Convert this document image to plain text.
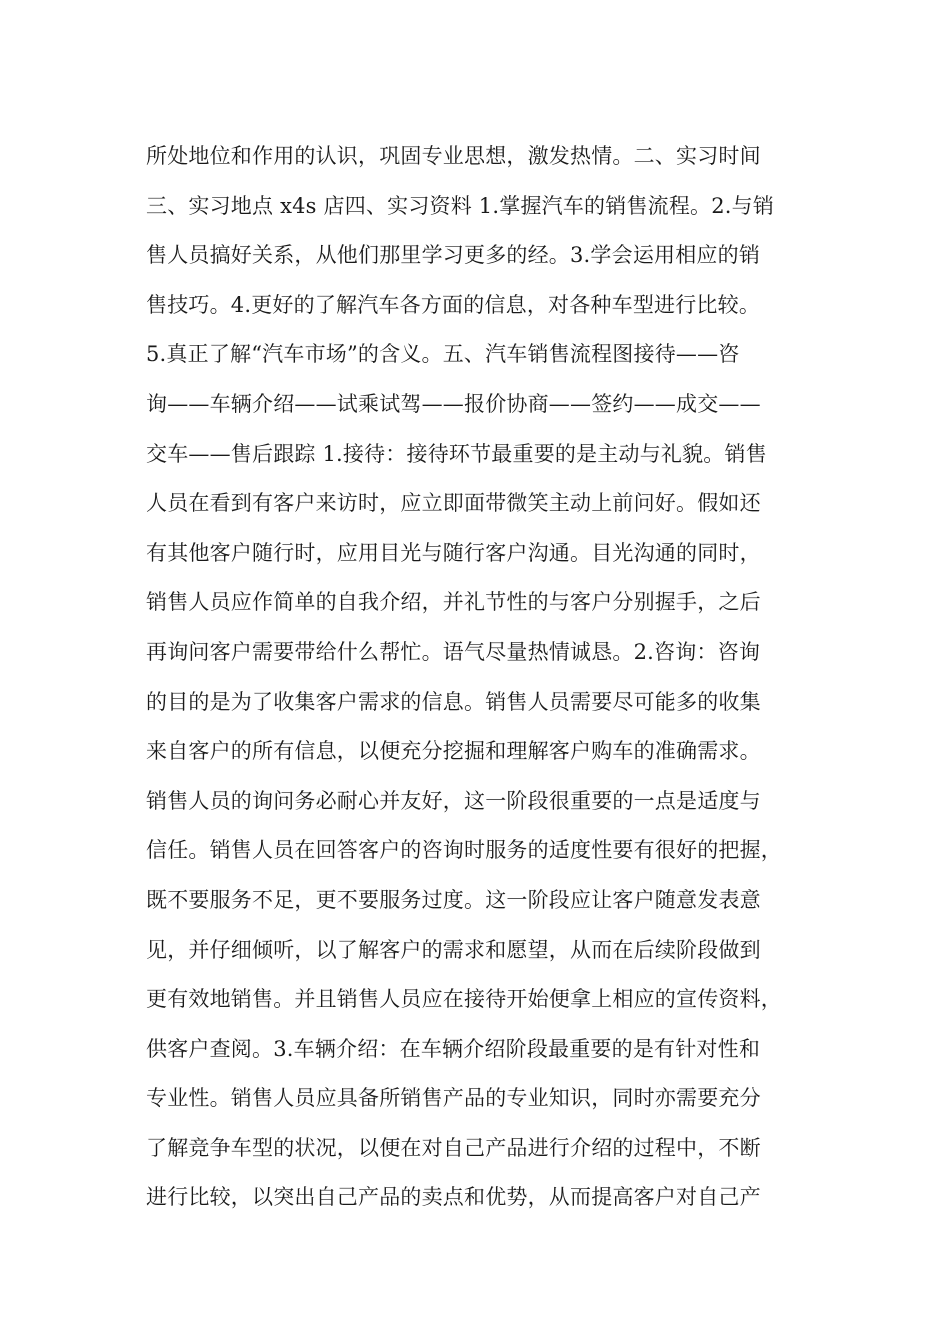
所处地位和作用的认识，巩固专业思想，激发热情。二、实习时间
三、实习地点 x4s 店四、实习资料 1.掌握汽车的销售流程。2.与销
售人员搞好关系，从他们那里学习更多的经。3.学会运用相应的销
售技巧。4.更好的了解汽车各方面的信息，对各种车型进行比较。
5.真正了解“汽车市场”的含义。五、汽车销售流程图接待——咨
询——车辆介绍——试乘试驾——报价协商——签约——成交——
交车——售后跟踪 1.接待：接待环节最重要的是主动与礼貌。销售
人员在看到有客户来访时，应立即面带微笑主动上前问好。假如还
有其他客户随行时，应用目光与随行客户沟通。目光沟通的同时，
销售人员应作简单的自我介绍，并礼节性的与客户分别握手，之后
再询问客户需要带给什么帮忙。语气尽量热情诚恳。2.咨询：咨询
的目的是为了收集客户需求的信息。销售人员需要尽可能多的收集
来自客户的所有信息，以便充分挖掘和理解客户购车的准确需求。
销售人员的询问务必耐心并友好，这一阶段很重要的一点是适度与
信任。销售人员在回答客户的咨询时服务的适度性要有很好的把握，
既不要服务不足，更不要服务过度。这一阶段应让客户随意发表意
见，并仔细倾听，以了解客户的需求和愿望，从而在后续阶段做到
更有效地销售。并且销售人员应在接待开始便拿上相应的宣传资料，
供客户查阅。3.车辆介绍：在车辆介绍阶段最重要的是有针对性和
专业性。销售人员应具备所销售产品的专业知识，同时亦需要充分
了解竞争车型的状况，以便在对自己产品进行介绍的过程中，不断
进行比较，以突出自己产品的卖点和优势，从而提高客户对自己产
